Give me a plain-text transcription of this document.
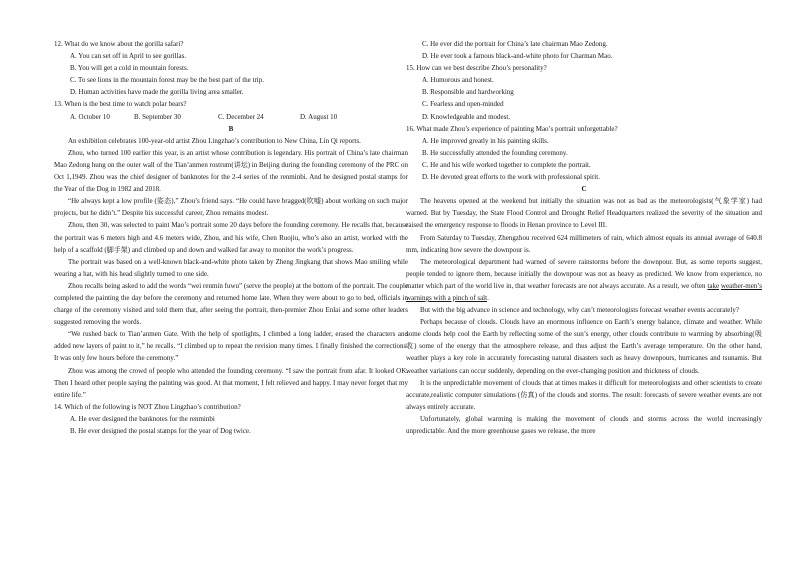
12. What do we know about the gorilla safari?
A. You can set off in April to see gorillas.
B. You will get a cold in mountain forests.
C. To see lions in the mountain forest may be the best part of the trip.
D. Human activities have made the gorilla living area smaller.
13. When is the best time to watch polar bears?
A. October 10	B. September 30	C. December 24	D. August 10
B

An exhibition celebrates 100-year-old artist Zhou Lingzhao’s contribution to New China, Lin Qi reports.

Zhou, who turned 100 earlier this year, is an artist whose contribution is legendary. His portrait of China’s late chairman Mao Zedong hung on the outer wall of the Tian’anmen rostrum(讲坛) in Beijing during the founding ceremony of the PRC on Oct 1,1949. Zhou was the chief designer of banknotes for the 2-4 series of the renminbi. And he designed postal stamps for the Year of the Dog in 1982 and 2018.

“He always kept a low profile (姿态),” Zhou’s friend says. “He could have bragged(吹嘘) about working on such major projects, but he didn’t.” Despite his successful career, Zhou remains modest.

Zhou, then 30, was selected to paint Mao’s portrait some 20 days before the founding ceremony. He recalls that, because the portrait was 6 meters high and 4.6 meters wide, Zhou, and his wife, Chen Ruojiu, who’s also an artist, worked with the help of a scaffold (脚手架) and climbed up and down and walked far away to monitor the work’s progress.

The portrait was based on a well-known black-and-white photo taken by Zheng Jingkang that shows Mao smiling while wearing a hat, with his head slightly turned to one side.

Zhou recalls being asked to add the words “wei renmin fuwu” (serve the people) at the bottom of the portrait. The couple completed the painting the day before the ceremony and returned home late. When they were about to go to bed, officials in charge of the ceremony visited and told them that, after seeing the portrait, then-premier Zhou Enlai and some other leaders suggested removing the words.

“We rushed back to Tian’anmen Gate. With the help of spotlights, I climbed a long ladder, erased the characters and added new layers of paint to it,” he recalls. “I climbed up to repeat the revision many times. I finally finished the corrections. It was only few hours before the ceremony.”

Zhou was among the crowd of people who attended the founding ceremony. “I saw the portrait from afar. It looked OK. Then I heard other people saying the painting was good. At that moment, I felt relieved and happy. I may never forget that my entire life.”

14. Which of the following is NOT Zhou Lingzhao’s contribution?
A. He ever designed the banknotes for the renminbi
B. He ever designed the postal stamps for the year of Dog twice.
C. He ever did the portrait for China’s late chairman Mao Zedong.
D. He ever took a famous black-and-white photo for Charman Mao.
15. How can we best describe Zhou’s personality?
A. Humorous and honest.
B. Responsible and hardworking
C. Fearless and open-minded
D. Knowledgeable and modest.
16. What made Zhou’s experience of painting Mao’s portrait unforgettable?
A. He improved greatly in his painting skills.
B. He successfully attended the founding ceremony.
C. He and his wife worked together to complete the portrait.
D. He devoted great efforts to the work with professional spirit.
C

The heavens opened at the weekend but initially the situation was not as bad as the meteorologists(气象学家) had warned. But by Tuesday, the State Flood Control and Drought Relief Headquarters realized the severity of the situation and raised the emergency response to floods in Henan province to Level III.

From Saturday to Tuesday, Zhengzhou received 624 millimeters of rain, which almost equals its annual average of 640.8 mm, indicating how severe the downpour is.

The meteorological department had warned of severe rainstorms before the downpour. But, as some reports suggest, people tended to ignore them, because initially the downpour was not as heavy as predicted. We know from experience, no matter which part of the world live in, that weather forecasts are not always accurate. As a result, we often take weather-men’s warnings with a pinch of salt.

But with the big advance in science and technology, why can’t meteorologists forecast weather events accurately?

Perhaps because of clouds. Clouds have an enormous influence on Earth’s energy balance, climate and weather. While some clouds help cool the Earth by reflecting some of the sun’s energy, other clouds contribute to warming by absorbing(吸收) some of the energy that the atmosphere release, and thus adjust the Earth’s average temperature. On the other hand, weather plays a key role in accurately forecasting natural disasters such as heavy downpours, hurricanes and tsunamis. But weather variations can occur suddenly, depending on the ever-changing position and thickness of clouds.

It is the unpredictable movement of clouds that at times makes it difficult for meteorologists and other scientists to create accurate,realistic computer simulations (仿真) of the clouds and storms. The result: forecasts of severe weather events are not always entirely accurate.

Unfortunately, global warming is making the movement of clouds and storms across the world increasingly unpredictable. And the more greenhouse gases we release, the more
